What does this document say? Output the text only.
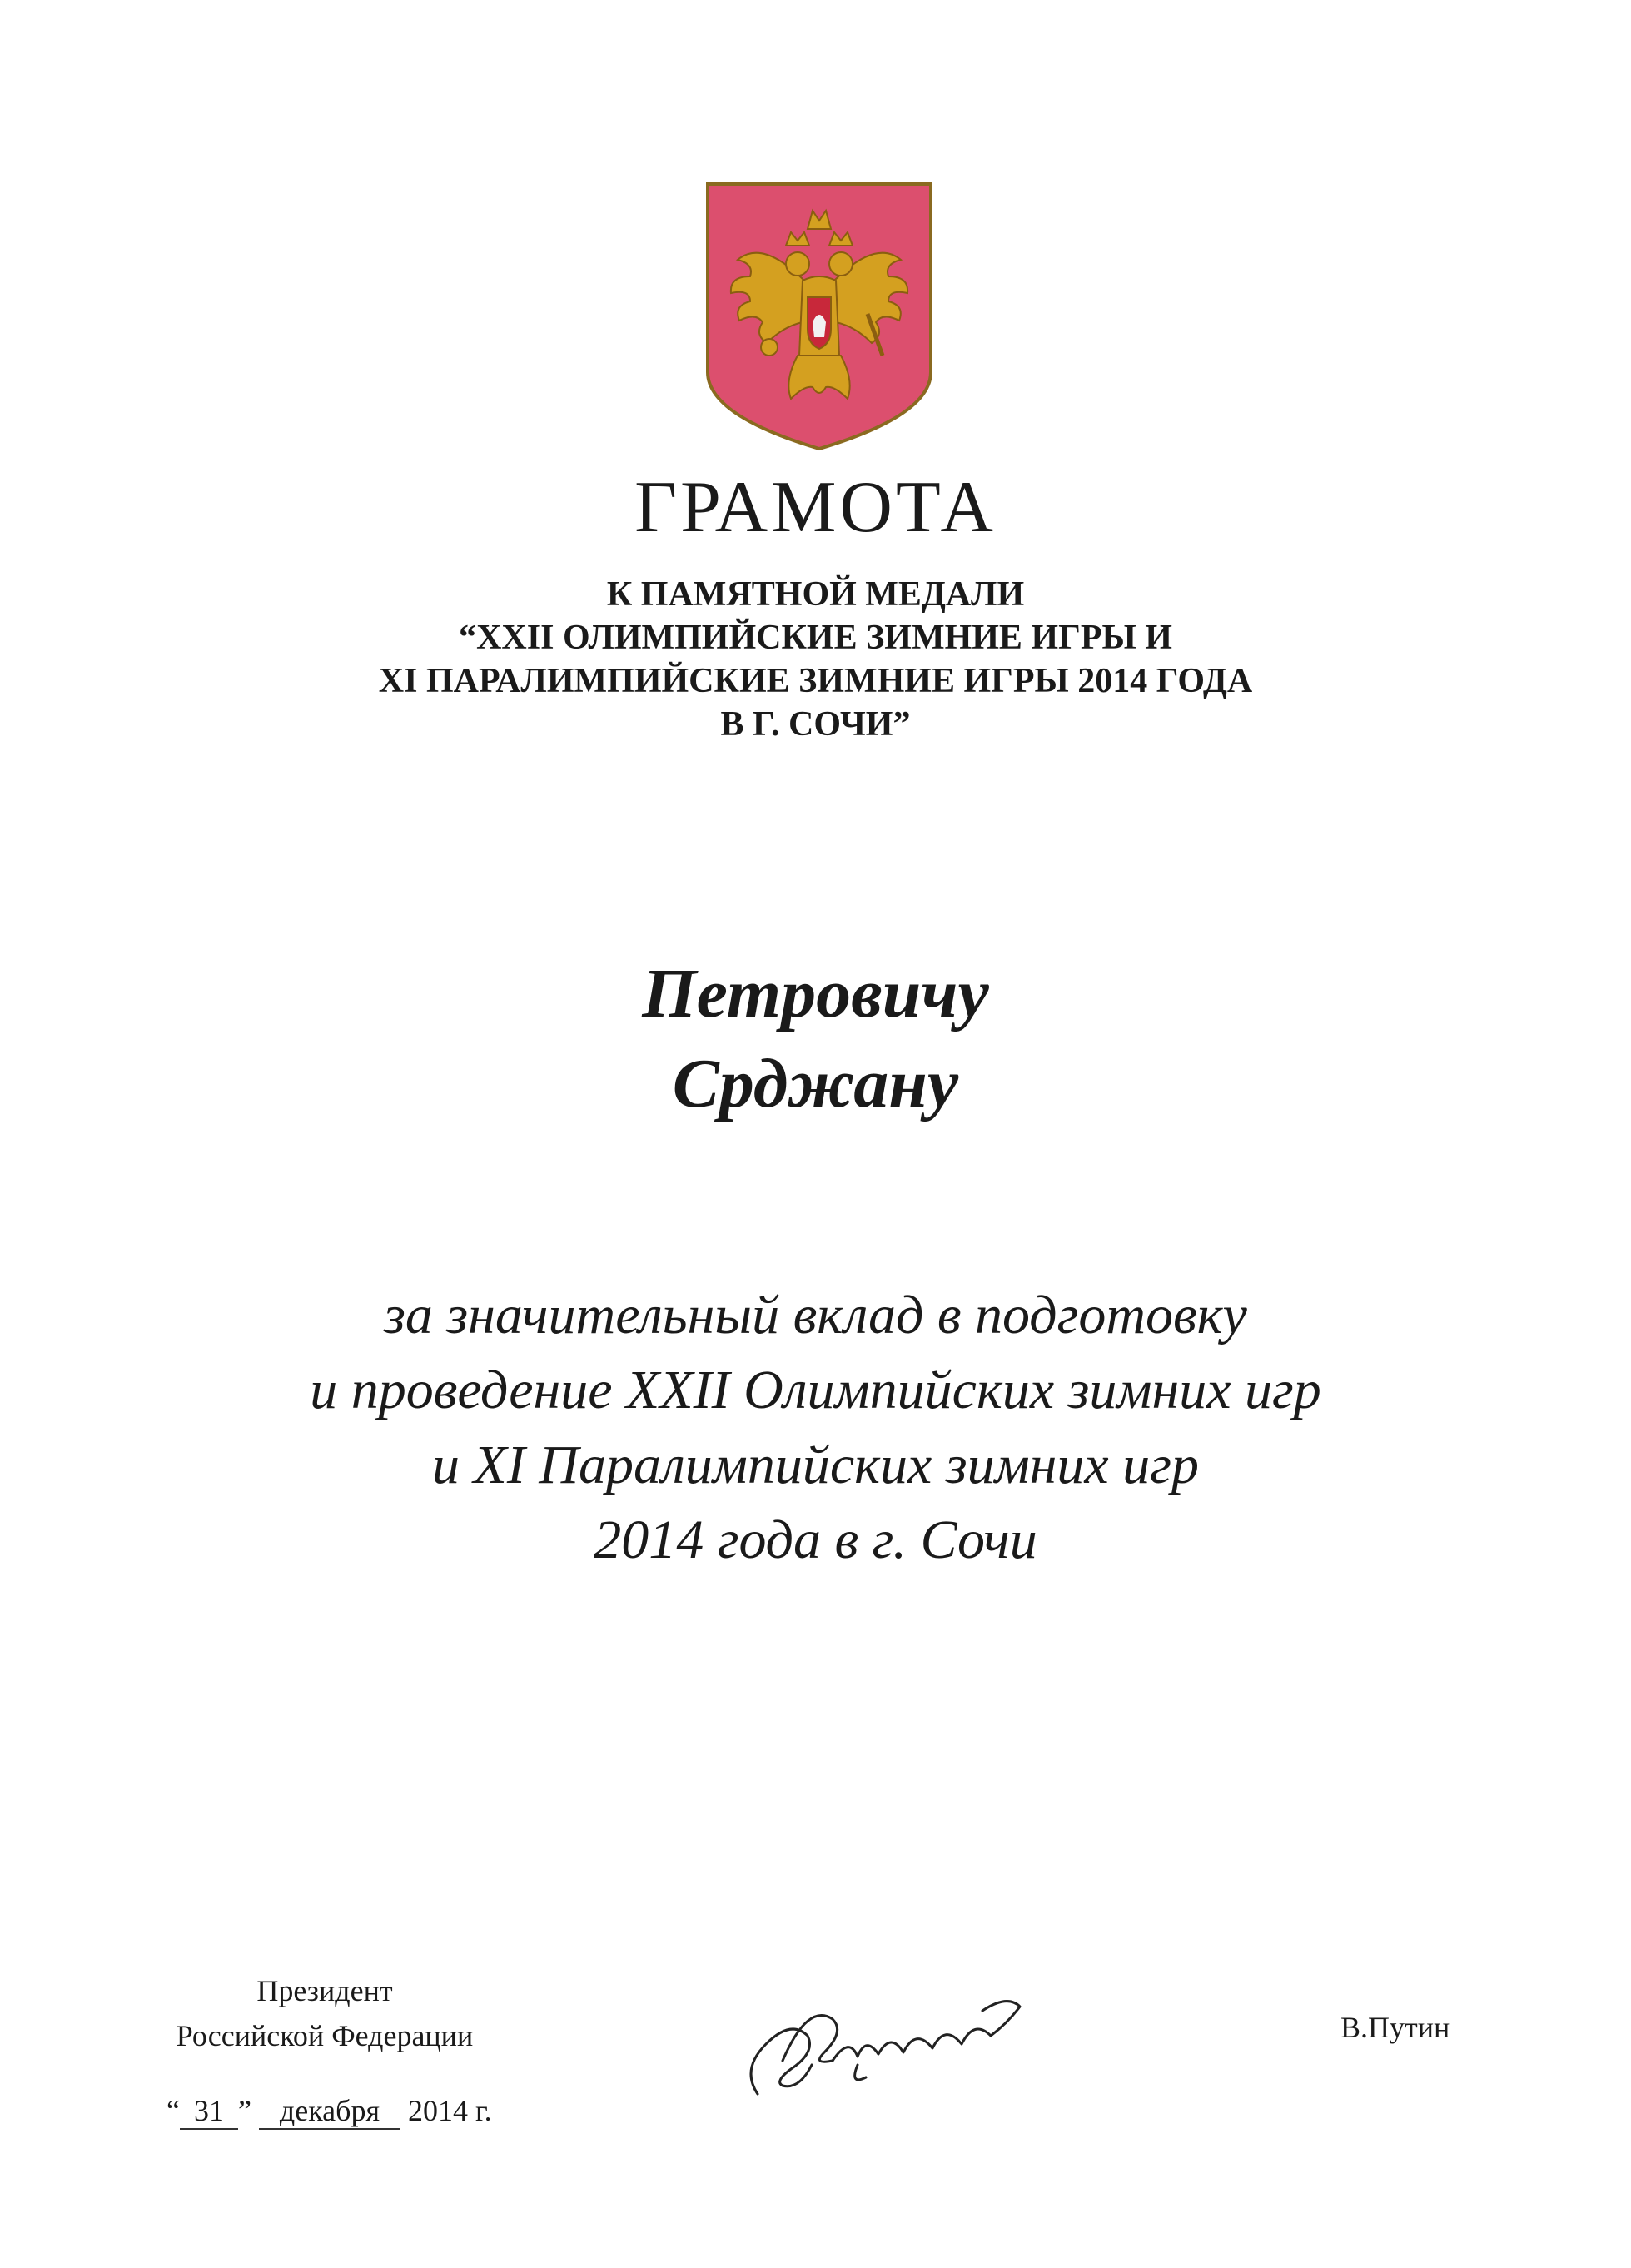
ГРАМОТА
К ПАМЯТНОЙ МЕДАЛИ
“XXII ОЛИМПИЙСКИЕ ЗИМНИЕ ИГРЫ И
XI ПАРАЛИМПИЙСКИЕ ЗИМНИЕ ИГРЫ 2014 ГОДА
В Г. СОЧИ”
Петровичу
Срджану
за значительный вклад в подготовку
и проведение XXII Олимпийских зимних игр
и XI Паралимпийских зимних игр
2014 года в г. Сочи
Президент
Российской Федерации
“ 31 ” декабря 2014 г.
В.Путин
